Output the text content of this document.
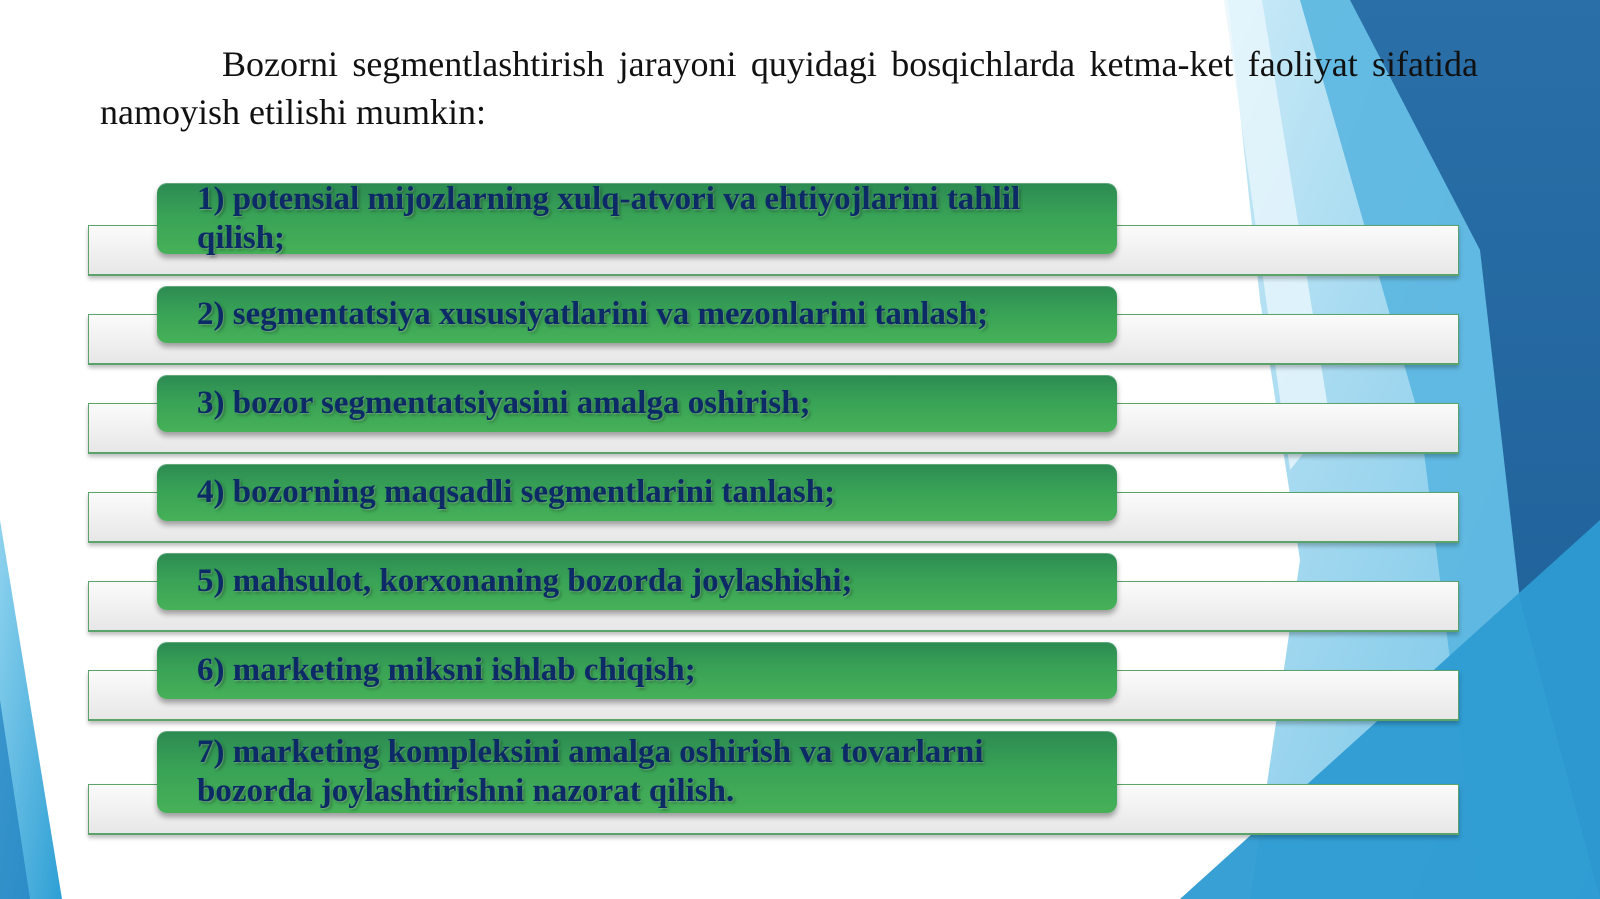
Bozorni segmentlashtirish jarayoni quyidagi bosqichlarda ketma-ket faoliyat sifatida namoyish etilishi mumkin:

1) potensial mijozlarning xulq-atvori va ehtiyojlarini tahlil qilish;
2) segmentatsiya xususiyatlarini va mezonlarini tanlash;
3) bozor segmentatsiyasini amalga oshirish;
4) bozorning maqsadli segmentlarini tanlash;
5) mahsulot, korxonaning bozorda joylashishi;
6) marketing miksni ishlab chiqish;
7) marketing kompleksini amalga oshirish va tovarlarni bozorda joylashtirishni nazorat qilish.
